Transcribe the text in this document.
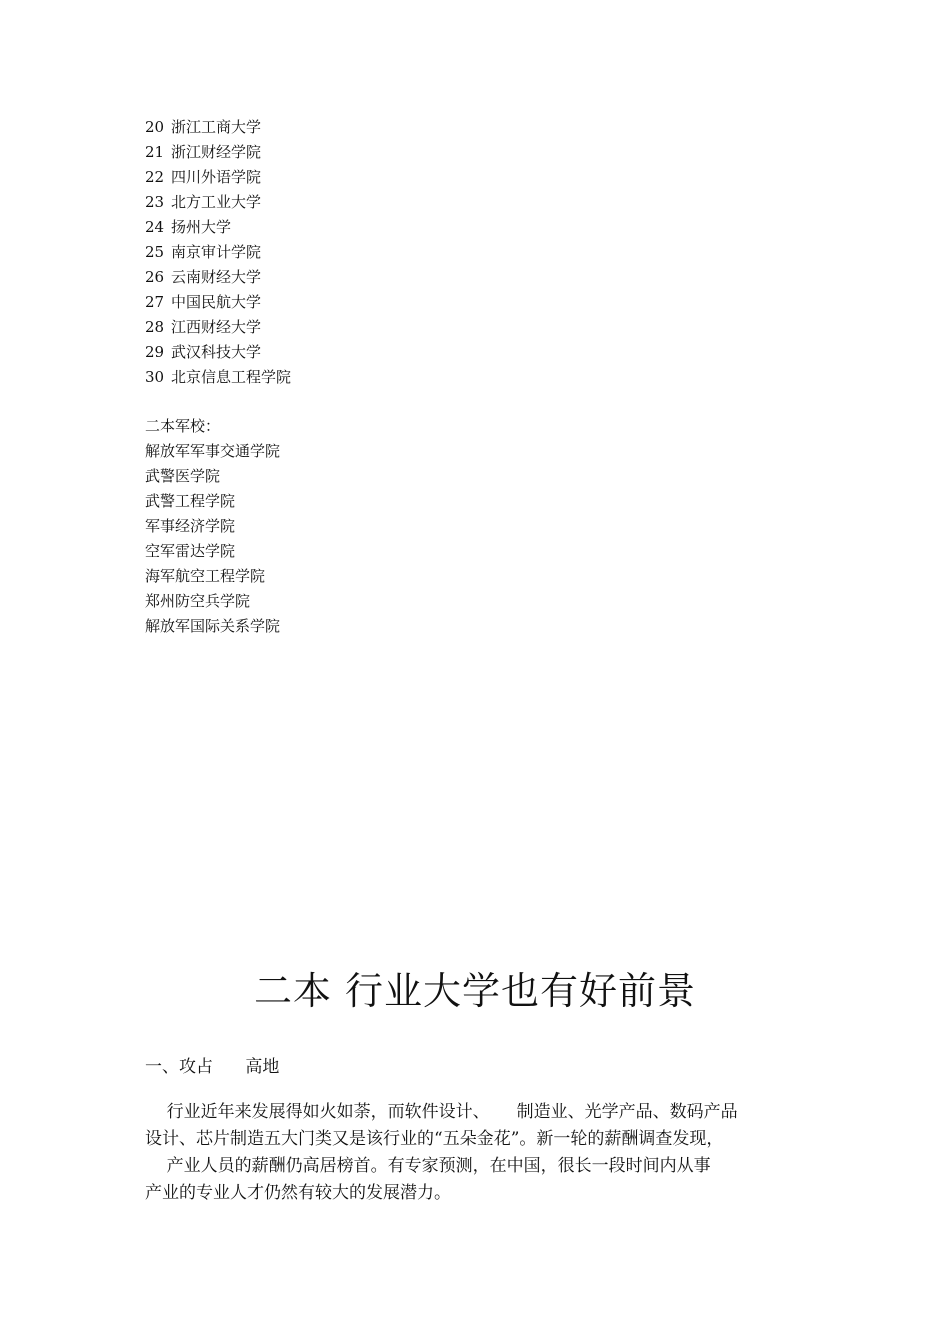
20 浙江工商大学
21 浙江财经学院
22 四川外语学院
23 北方工业大学
24 扬州大学
25 南京审计学院
26 云南财经大学
27 中国民航大学
28 江西财经大学
29 武汉科技大学
30 北京信息工程学院
二本军校：
解放军军事交通学院
武警医学院
武警工程学院
军事经济学院
空军雷达学院
海军航空工程学院
郑州防空兵学院
解放军国际关系学院
二本 行业大学也有好前景
一、攻占      高地
行业近年来发展得如火如荼，而软件设计、     制造业、光学产品、数码产品
设计、芯片制造五大门类又是该行业的“五朵金花”。新一轮的薪酬调查发现，
产业人员的薪酬仍高居榜首。有专家预测，在中国，很长一段时间内从事
产业的专业人才仍然有较大的发展潜力。
